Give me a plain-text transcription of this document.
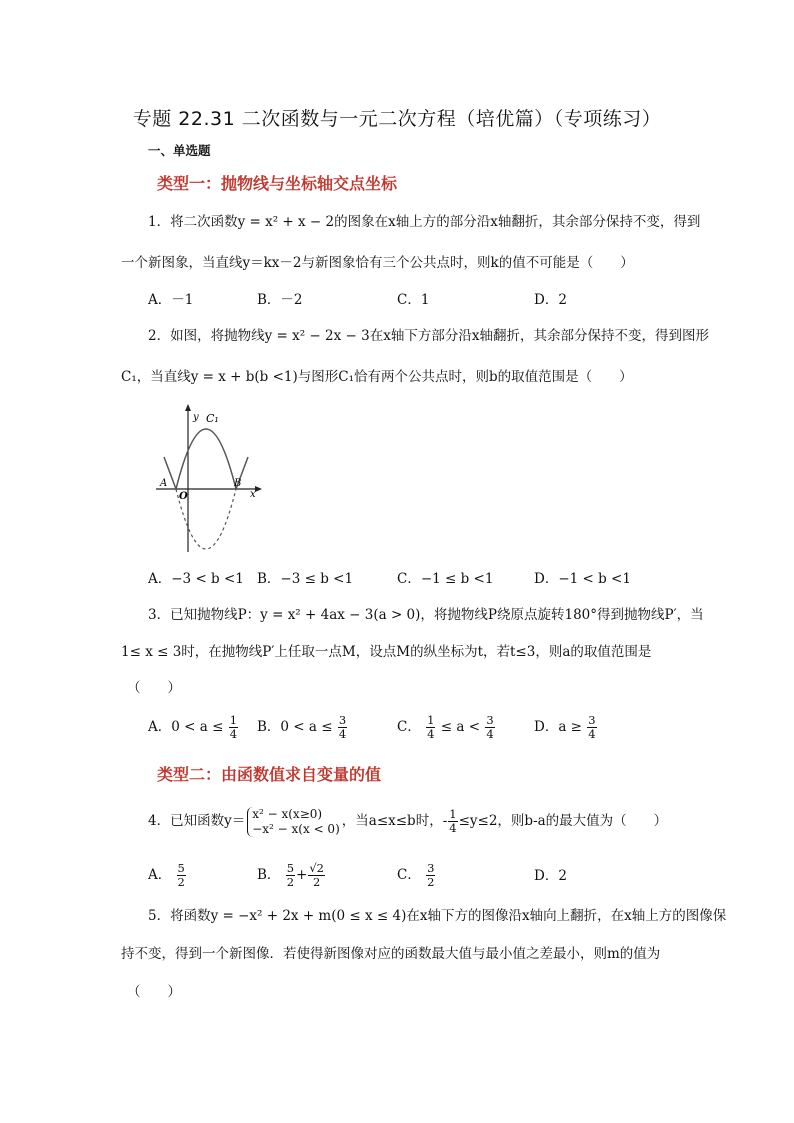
专题 22.31 二次函数与一元二次方程（培优篇）（专项练习）
一、单选题
类型一：抛物线与坐标轴交点坐标
1．将二次函数y = x² + x − 2的图象在x轴上方的部分沿x轴翻折，其余部分保持不变，得到
一个新图象，当直线y＝kx－2与新图象恰有三个公共点时，则k的值不可能是（　　）
A．－1	B．－2	C．1	D．2
2．如图，将抛物线y = x² − 2x − 3在x轴下方部分沿x轴翻折，其余部分保持不变，得到图形
C₁，当直线y = x + b(b <1)与图形C₁恰有两个公共点时，则b的取值范围是（　　）
y C₁
A
O
B
x
A．−3 < b <1 B．−3 ≤ b <1	C．−1 ≤ b <1	D．−1 < b <1
3．已知抛物线P：y = x² + 4ax − 3(a > 0)，将抛物线P绕原点旋转180°得到抛物线P′，当
1≤ x ≤ 3时，在抛物线P′上任取一点M，设点M的纵坐标为t，若t≤3，则a的取值范围是
（　　）
A．$0 < a \le \frac{1}{4}$ B．$0 < a \le \frac{3}{4}$	C． $\frac{1}{4} \le a < \frac{3}{4}$	D．$a \ge \frac{3}{4}$
类型二：由函数值求自变量的值
4．已知函数y＝ x² − x(x≥0)
−x² − x(x < 0) ，当a≤x≤b时，- $\frac{1}{4} \le y\le 2$，则b-a的最大值为（　　）
A． $\frac{5}{2}$	B． $\frac{5}{2} + \frac{√2}{2}$	C． $\frac{3}{2}$	D．2
5．将函数y = −x² + 2x + m(0 ≤ x ≤ 4)在x轴下方的图像沿x轴向上翻折，在x轴上方的图像保
持不变，得到一个新图像．若使得新图像对应的函数最大值与最小值之差最小，则m的值为
（　　）
